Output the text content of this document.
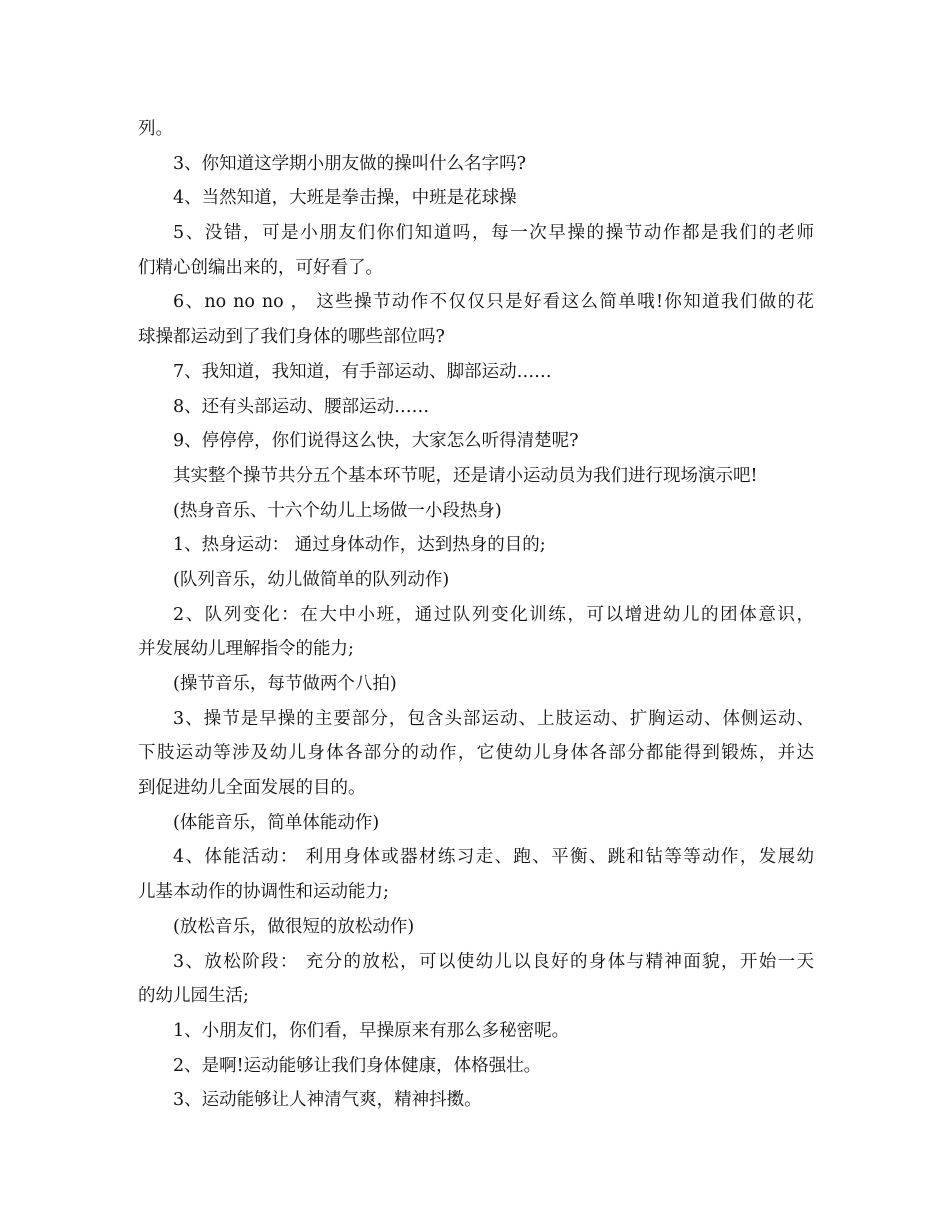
列。
3、你知道这学期小朋友做的操叫什么名字吗?
4、当然知道，大班是拳击操，中班是花球操
5、没错，可是小朋友们你们知道吗，每一次早操的操节动作都是我们的老师
们精心创编出来的，可好看了。
6、no no no ， 这些操节动作不仅仅只是好看这么简单哦!你知道我们做的花
球操都运动到了我们身体的哪些部位吗?
7、我知道，我知道，有手部运动、脚部运动……
8、还有头部运动、腰部运动……
9、停停停，你们说得这么快，大家怎么听得清楚呢?
其实整个操节共分五个基本环节呢，还是请小运动员为我们进行现场演示吧!
(热身音乐、十六个幼儿上场做一小段热身)
1、热身运动： 通过身体动作，达到热身的目的;
(队列音乐，幼儿做简单的队列动作)
2、队列变化：在大中小班，通过队列变化训练，可以增进幼儿的团体意识，
并发展幼儿理解指令的能力;
(操节音乐，每节做两个八拍)
3、操节是早操的主要部分，包含头部运动、上肢运动、扩胸运动、体侧运动、
下肢运动等涉及幼儿身体各部分的动作，它使幼儿身体各部分都能得到锻炼，并达
到促进幼儿全面发展的目的。
(体能音乐，简单体能动作)
4、体能活动： 利用身体或器材练习走、跑、平衡、跳和钻等等动作，发展幼
儿基本动作的协调性和运动能力;
(放松音乐，做很短的放松动作)
3、放松阶段： 充分的放松，可以使幼儿以良好的身体与精神面貌，开始一天
的幼儿园生活;
1、小朋友们，你们看，早操原来有那么多秘密呢。
2、是啊!运动能够让我们身体健康，体格强壮。
3、运动能够让人神清气爽，精神抖擞。
